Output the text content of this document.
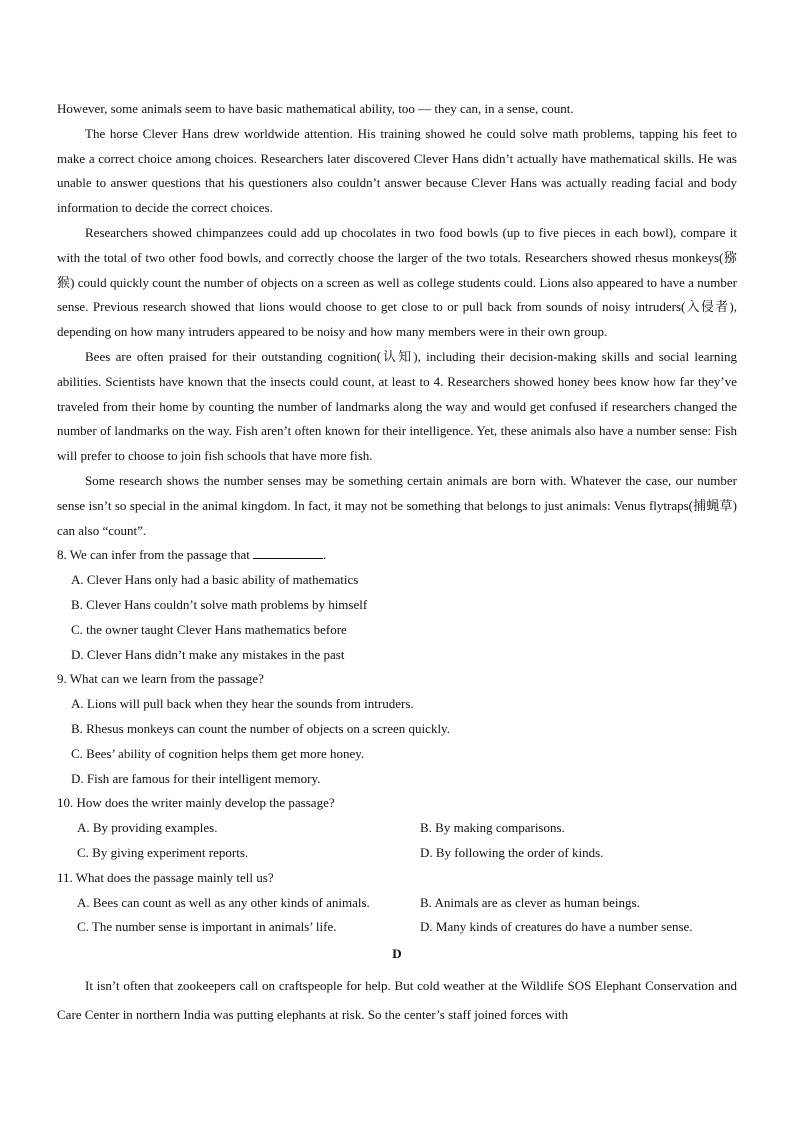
However, some animals seem to have basic mathematical ability, too — they can, in a sense, count.

The horse Clever Hans drew worldwide attention. His training showed he could solve math problems, tapping his feet to make a correct choice among choices. Researchers later discovered Clever Hans didn’t actually have mathematical skills. He was unable to answer questions that his questioners also couldn’t answer because Clever Hans was actually reading facial and body information to decide the correct choices.

Researchers showed chimpanzees could add up chocolates in two food bowls (up to five pieces in each bowl), compare it with the total of two other food bowls, and correctly choose the larger of the two totals. Researchers showed rhesus monkeys(猕猴) could quickly count the number of objects on a screen as well as college students could. Lions also appeared to have a number sense. Previous research showed that lions would choose to get close to or pull back from sounds of noisy intruders(入侵者), depending on how many intruders appeared to be noisy and how many members were in their own group.

Bees are often praised for their outstanding cognition(认知), including their decision-making skills and social learning abilities. Scientists have known that the insects could count, at least to 4. Researchers showed honey bees know how far they’ve traveled from their home by counting the number of landmarks along the way and would get confused if researchers changed the number of landmarks on the way. Fish aren’t often known for their intelligence. Yet, these animals also have a number sense: Fish will prefer to choose to join fish schools that have more fish.

Some research shows the number senses may be something certain animals are born with. Whatever the case, our number sense isn’t so special in the animal kingdom. In fact, it may not be something that belongs to just animals: Venus flytraps(捕蝇草) can also “count”.

8. We can infer from the passage that	.
A. Clever Hans only had a basic ability of mathematics
B. Clever Hans couldn’t solve math problems by himself
C. the owner taught Clever Hans mathematics before
D. Clever Hans didn’t make any mistakes in the past
9. What can we learn from the passage?
A. Lions will pull back when they hear the sounds from intruders.
B. Rhesus monkeys can count the number of objects on a screen quickly.
C. Bees’ ability of cognition helps them get more honey.
D. Fish are famous for their intelligent memory.
10. How does the writer mainly develop the passage?
A. By providing examples.	B. By making comparisons.
C. By giving experiment reports.	D. By following the order of kinds.
11. What does the passage mainly tell us?
A. Bees can count as well as any other kinds of animals.	B. Animals are as clever as human beings.
C. The number sense is important in animals’ life.	D. Many kinds of creatures do have a number sense.
D

It isn’t often that zookeepers call on craftspeople for help. But cold weather at the Wildlife SOS Elephant Conservation and Care Center in northern India was putting elephants at risk. So the center’s staff joined forces with
